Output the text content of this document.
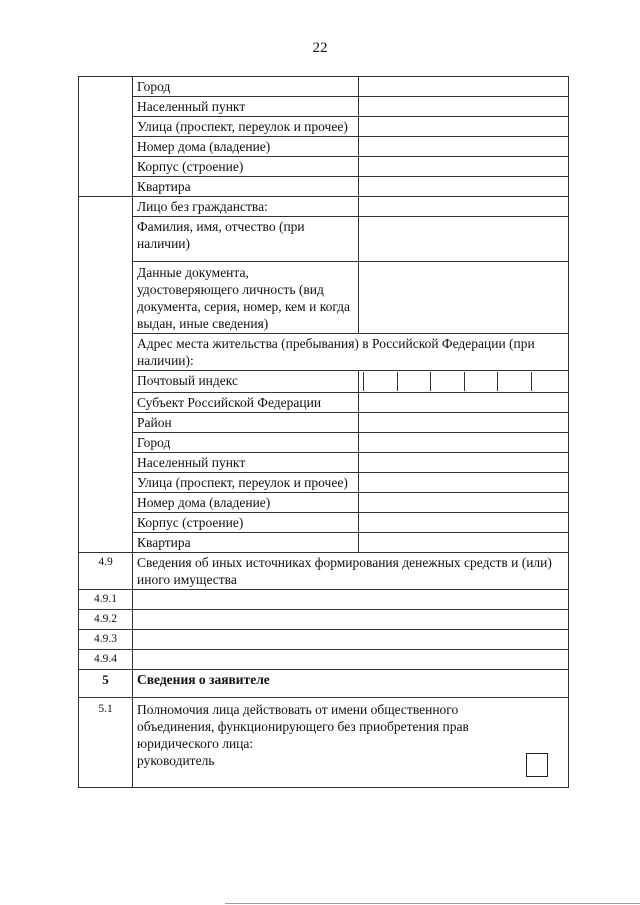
22
	Город	
	Населенный пункт	
	Улица (проспект, переулок и прочее)	
	Номер дома (владение)	
	Корпус (строение)	
	Квартира	
	Лицо без гражданства:	
	Фамилия, имя, отчество (при наличии)	
	Данные документа, удостоверяющего личность (вид документа, серия, номер, кем и когда выдан, иные сведения)	
	Адрес места жительства (пребывания) в Российской Федерации (при наличии):	
	Почтовый индекс	

	Субъект Российской Федерации	
	Район	
	Город	
	Населенный пункт	
	Улица (проспект, переулок и прочее)	
	Номер дома (владение)	
	Корпус (строение)	
	Квартира	
4.9	Сведения об иных источниках формирования денежных средств и (или) иного имущества	
4.9.1		
4.9.2		
4.9.3		
4.9.4		
5	Сведения о заявителе	
5.1	Полномочия лица действовать от имени общественного объединения, функционирующего без приобретения прав юридического лица:
руководитель	
